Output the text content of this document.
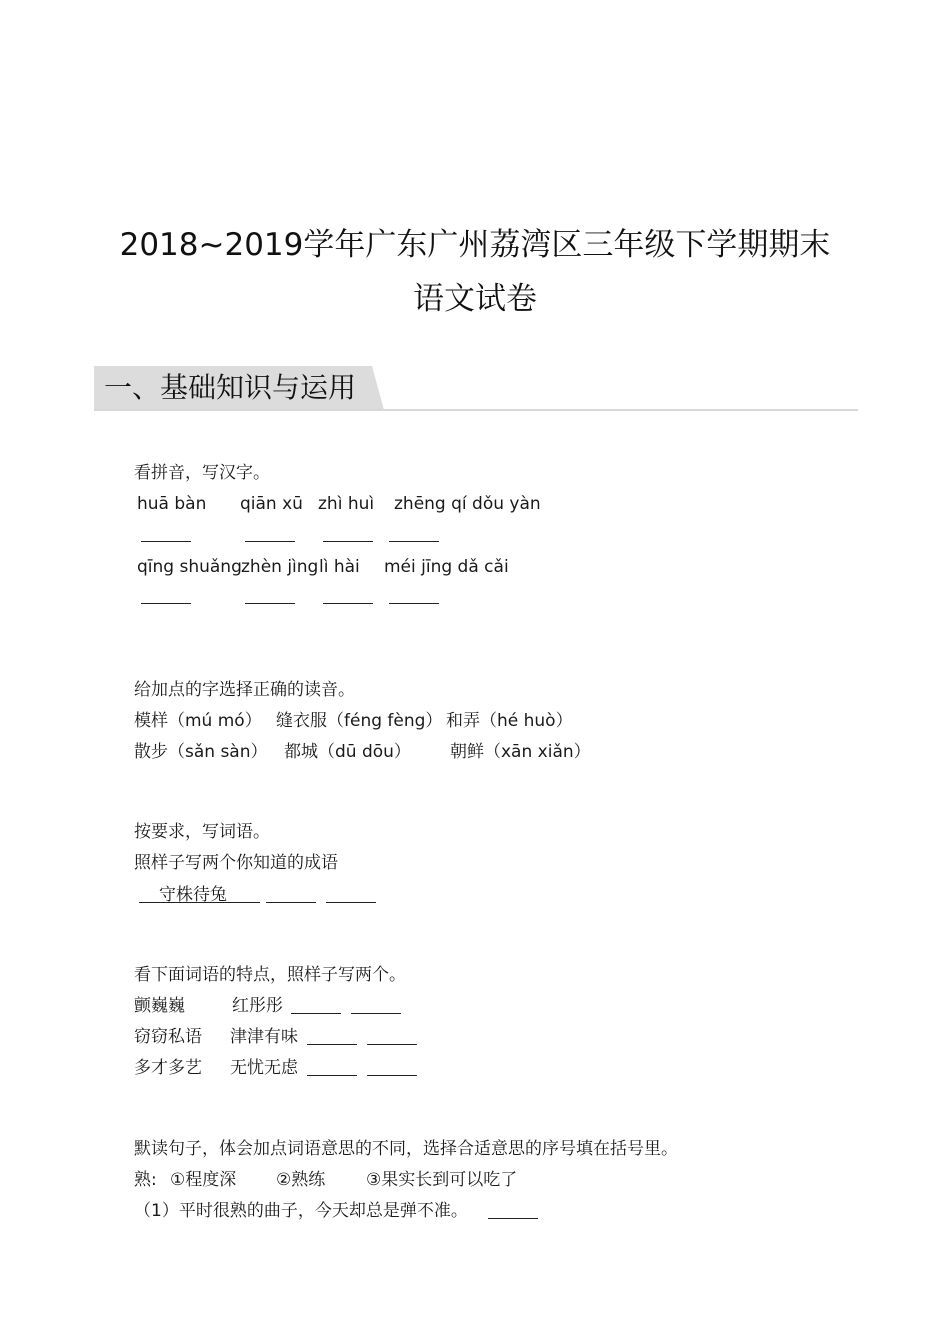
2018~2019学年广东广州荔湾区三年级下学期期末
语文试卷
一、基础知识与运用
看拼音，写汉字。
huā bàn qiān xū zhì huì zhēng qí dǒu yàn
qīng shuǎng zhèn jìng lì hài méi jīng dǎ cǎi
给加点的字选择正确的读音。
模样（mú mó） 缝衣服（féng fèng） 和弄（hé huò）
散步（sǎn sàn） 都城（dū dōu） 朝鲜（xān xiǎn）
按要求，写词语。
照样子写两个你知道的成语
守株待兔
看下面词语的特点，照样子写两个。
颤巍巍	红彤彤
窃窃私语 津津有味
多才多艺 无忧无虑
默读句子，体会加点词语意思的不同，选择合适意思的序号填在括号里。
熟: ①程度深 ②熟练 ③果实长到可以吃了
（1）平时很熟的曲子，今天却总是弹不准。
